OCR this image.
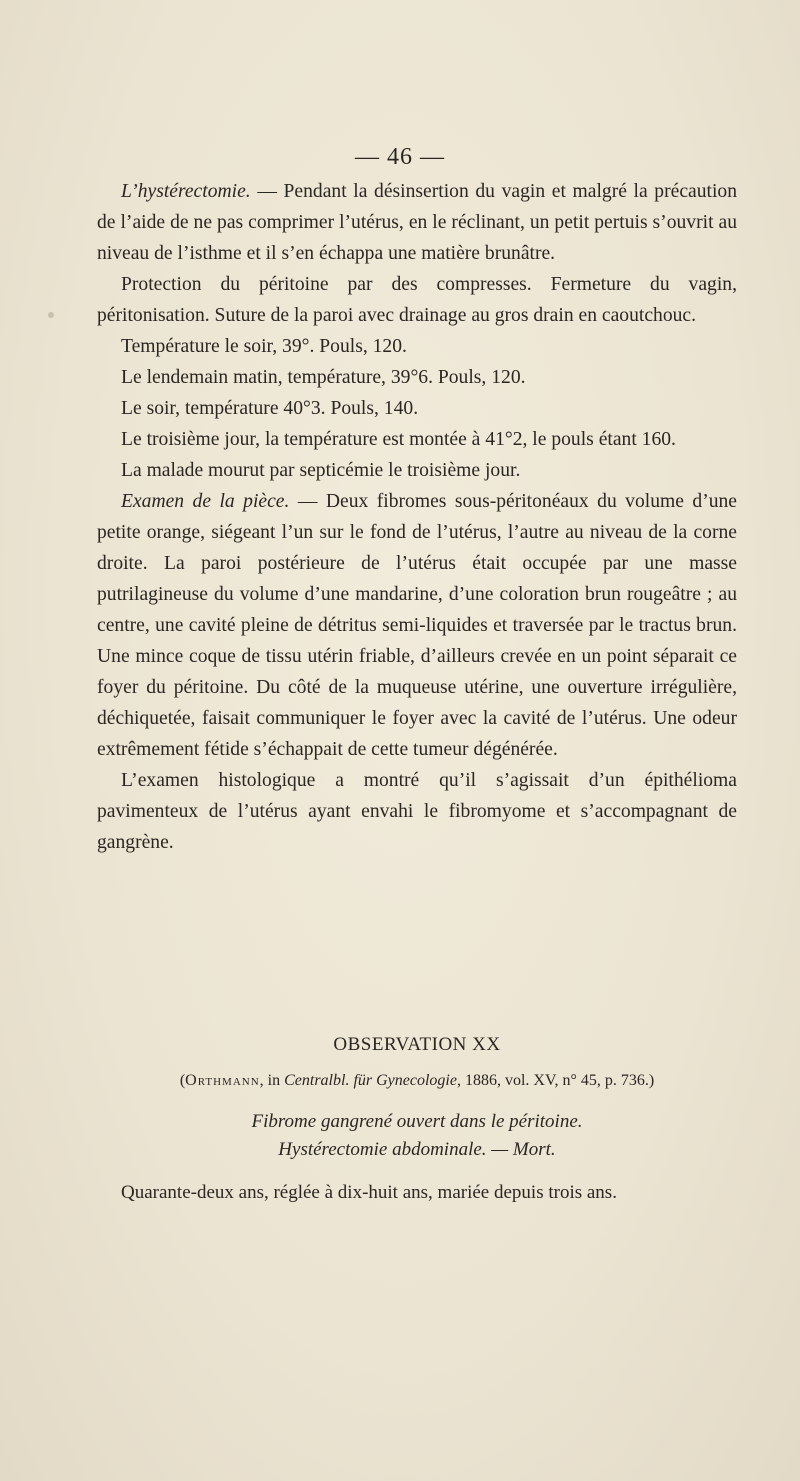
— 46 —

L’hystérectomie. — Pendant la désinsertion du vagin et malgré la précaution de l’aide de ne pas comprimer l’utérus, en le réclinant, un petit pertuis s’ouvrit au niveau de l’isthme et il s’en échappa une matière brunâtre.

Protection du péritoine par des compresses. Fermeture du vagin, péritonisation. Suture de la paroi avec drainage au gros drain en caoutchouc.

Température le soir, 39°. Pouls, 120.

Le lendemain matin, température, 39°6. Pouls, 120.

Le soir, température 40°3. Pouls, 140.

Le troisième jour, la température est montée à 41°2, le pouls étant 160.

La malade mourut par septicémie le troisième jour.

Examen de la pièce. — Deux fibromes sous-péritonéaux du volume d’une petite orange, siégeant l’un sur le fond de l’utérus, l’autre au niveau de la corne droite. La paroi postérieure de l’utérus était occupée par une masse putrilagineuse du volume d’une mandarine, d’une coloration brun rougeâtre ; au centre, une cavité pleine de détritus semi-liquides et traversée par le tractus brun. Une mince coque de tissu utérin friable, d’ailleurs crevée en un point séparait ce foyer du péritoine. Du côté de la muqueuse utérine, une ouverture irrégulière, déchiquetée, faisait communiquer le foyer avec la cavité de l’utérus. Une odeur extrêmement fétide s’échappait de cette tumeur dégénérée.

L’examen histologique a montré qu’il s’agissait d’un épithélioma pavimenteux de l’utérus ayant envahi le fibromyome et s’accompagnant de gangrène.

OBSERVATION XX

(Orthmann, in Centralbl. für Gynecologie, 1886, vol. XV, n° 45, p. 736.)

Fibrome gangrené ouvert dans le péritoine.
Hystérectomie abdominale. — Mort.

Quarante-deux ans, réglée à dix-huit ans, mariée depuis trois ans.
